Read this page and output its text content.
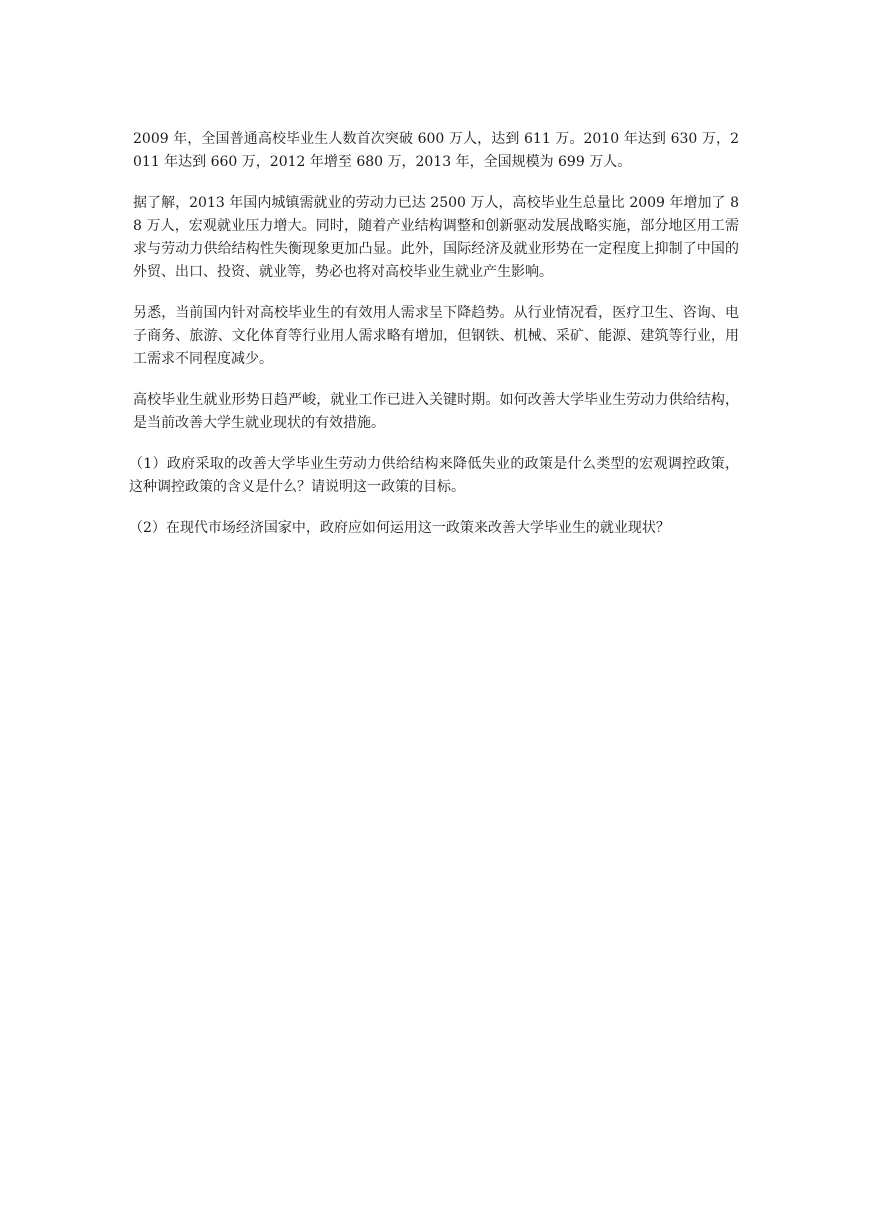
2009 年，全国普通高校毕业生人数首次突破 600 万人，达到 611 万。2010 年达到 630 万，2011 年达到 660 万，2012 年增至 680 万，2013 年，全国规模为 699 万人。

据了解，2013 年国内城镇需就业的劳动力已达 2500 万人，高校毕业生总量比 2009 年增加了 88 万人，宏观就业压力增大。同时，随着产业结构调整和创新驱动发展战略实施，部分地区用工需求与劳动力供给结构性失衡现象更加凸显。此外，国际经济及就业形势在一定程度上抑制了中国的外贸、出口、投资、就业等，势必也将对高校毕业生就业产生影响。

另悉，当前国内针对高校毕业生的有效用人需求呈下降趋势。从行业情况看，医疗卫生、咨询、电子商务、旅游、文化体育等行业用人需求略有增加，但钢铁、机械、采矿、能源、建筑等行业，用工需求不同程度减少。

高校毕业生就业形势日趋严峻，就业工作已进入关键时期。如何改善大学毕业生劳动力供给结构，是当前改善大学生就业现状的有效措施。

（1）政府采取的改善大学毕业生劳动力供给结构来降低失业的政策是什么类型的宏观调控政策，这种调控政策的含义是什么？请说明这一政策的目标。

（2）在现代市场经济国家中，政府应如何运用这一政策来改善大学毕业生的就业现状？
